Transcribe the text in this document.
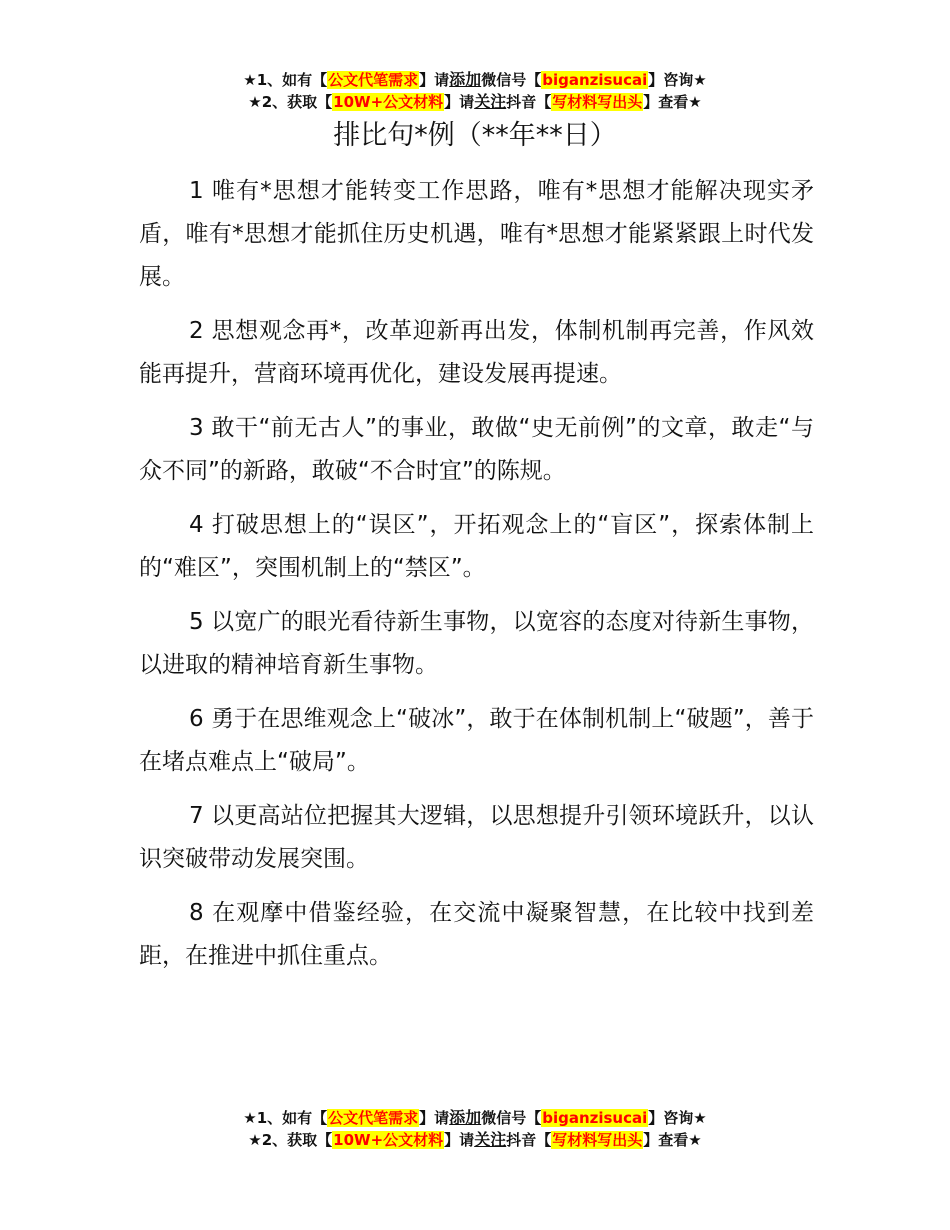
★1、如有【公文代笔需求】请添加微信号【biganzisucai】咨询★
★2、获取【10W+公文材料】请关注抖音【写材料写出头】查看★
排比句*例（**年**日）

1 唯有*思想才能转变工作思路，唯有*思想才能解决现实矛盾，唯有*思想才能抓住历史机遇，唯有*思想才能紧紧跟上时代发展。

2 思想观念再*，改革迎新再出发，体制机制再完善，作风效能再提升，营商环境再优化，建设发展再提速。

3 敢干“前无古人”的事业，敢做“史无前例”的文章，敢走“与众不同”的新路，敢破“不合时宜”的陈规。

4 打破思想上的“误区”，开拓观念上的“盲区”，探索体制上的“难区”，突围机制上的“禁区”。

5 以宽广的眼光看待新生事物，以宽容的态度对待新生事物，以进取的精神培育新生事物。

6 勇于在思维观念上“破冰”，敢于在体制机制上“破题”，善于在堵点难点上“破局”。

7 以更高站位把握其大逻辑，以思想提升引领环境跃升，以认识突破带动发展突围。

8 在观摩中借鉴经验，在交流中凝聚智慧，在比较中找到差距，在推进中抓住重点。

★1、如有【公文代笔需求】请添加微信号【biganzisucai】咨询★
★2、获取【10W+公文材料】请关注抖音【写材料写出头】查看★
